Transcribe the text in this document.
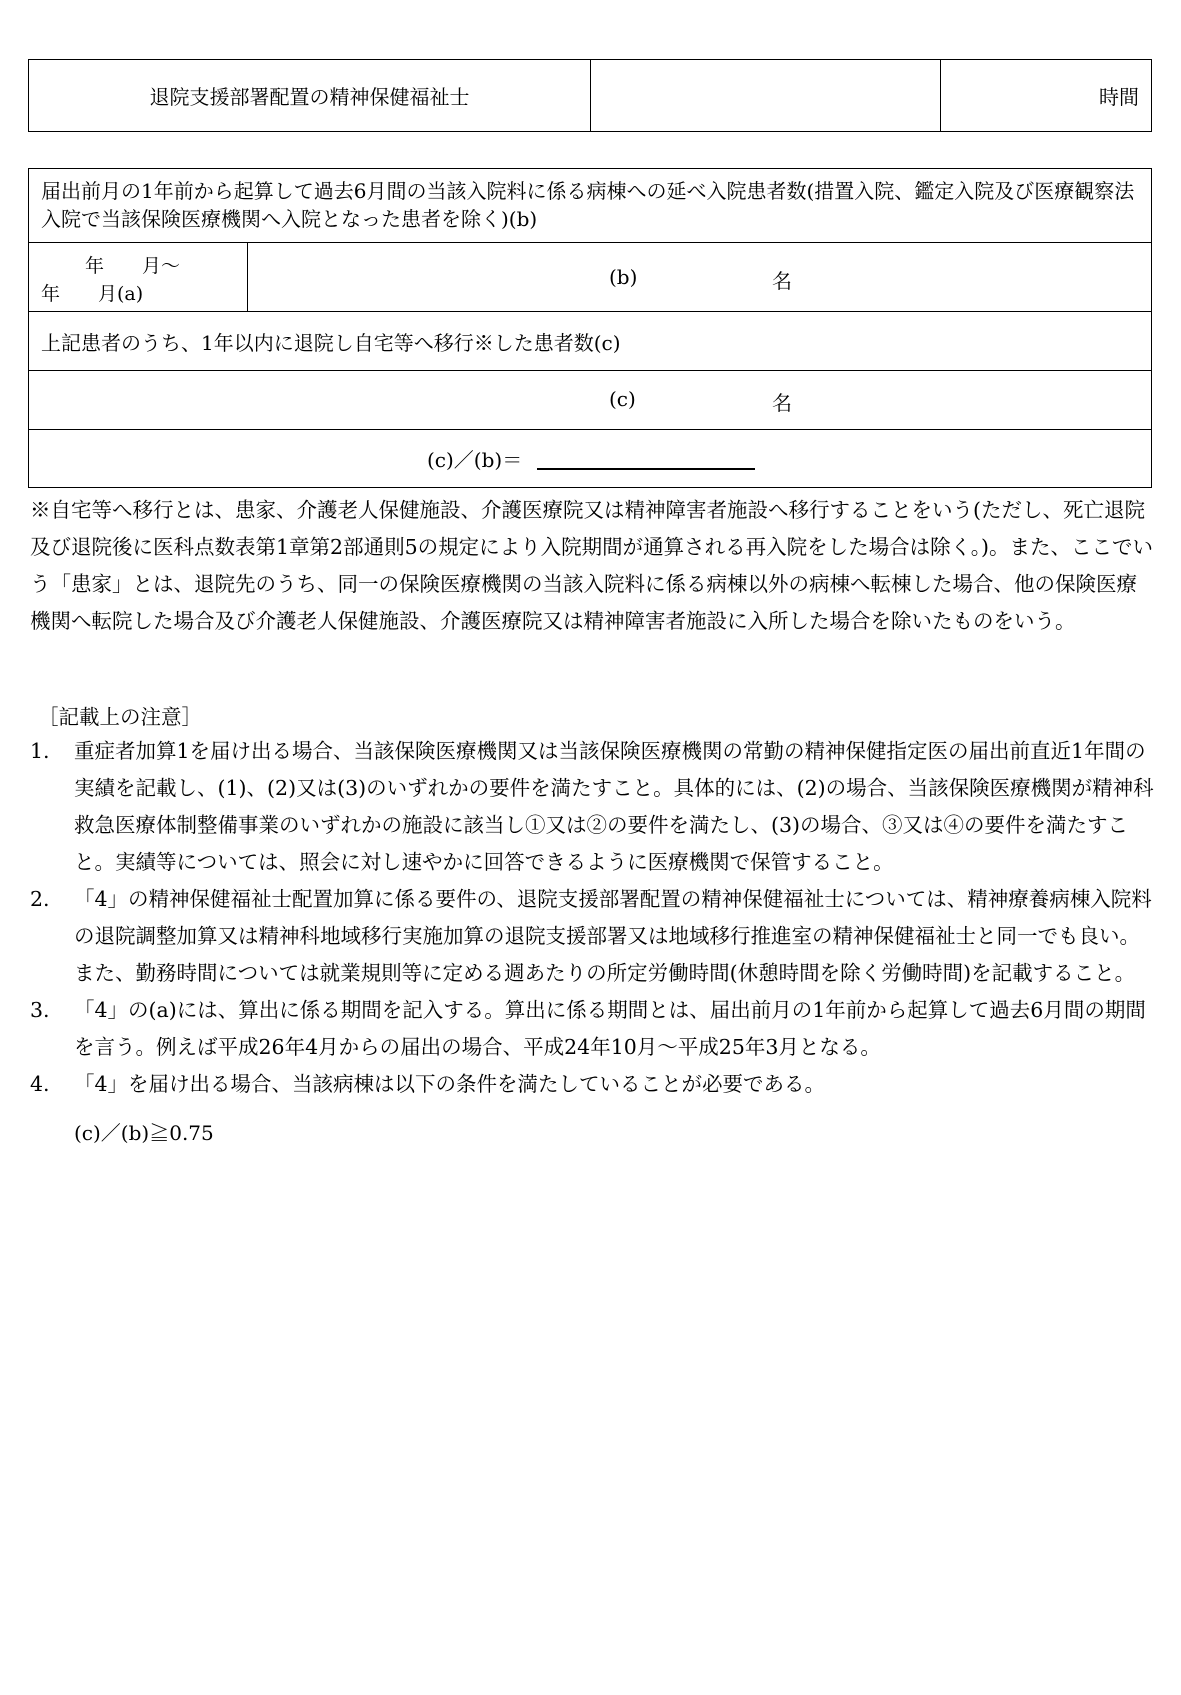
退院支援部署配置の精神保健福祉士	時間
届出前月の1年前から起算して過去6月間の当該入院料に係る病棟への延べ入院患者数(措置入院、鑑定入院及び医療観察法入院で当該保険医療機関へ入院となった患者を除く)(b)
年　　月～
年　　月(a)
(b)	名
上記患者のうち、1年以内に退院し自宅等へ移行※した患者数(c)
(c)	名
(c)／(b)＝

※自宅等へ移行とは、患家、介護老人保健施設、介護医療院又は精神障害者施設へ移行することをいう(ただし、死亡退院及び退院後に医科点数表第1章第2部通則5の規定により入院期間が通算される再入院をした場合は除く。)。また、ここでいう「患家」とは、退院先のうち、同一の保険医療機関の当該入院料に係る病棟以外の病棟へ転棟した場合、他の保険医療機関へ転院した場合及び介護老人保健施設、介護医療院又は精神障害者施設に入所した場合を除いたものをいう。

［記載上の注意］
1.	重症者加算1を届け出る場合、当該保険医療機関又は当該保険医療機関の常勤の精神保健指定医の届出前直近1年間の実績を記載し、(1)、(2)又は(3)のいずれかの要件を満たすこと。具体的には、(2)の場合、当該保険医療機関が精神科救急医療体制整備事業のいずれかの施設に該当し①又は②の要件を満たし、(3)の場合、③又は④の要件を満たすこと。実績等については、照会に対し速やかに回答できるように医療機関で保管すること。
2.	「4」の精神保健福祉士配置加算に係る要件の、退院支援部署配置の精神保健福祉士については、精神療養病棟入院料の退院調整加算又は精神科地域移行実施加算の退院支援部署又は地域移行推進室の精神保健福祉士と同一でも良い。また、勤務時間については就業規則等に定める週あたりの所定労働時間(休憩時間を除く労働時間)を記載すること。
3.	「4」の(a)には、算出に係る期間を記入する。算出に係る期間とは、届出前月の1年前から起算して過去6月間の期間を言う。例えば平成26年4月からの届出の場合、平成24年10月～平成25年3月となる。
4.	「4」を届け出る場合、当該病棟は以下の条件を満たしていることが必要である。
(c)／(b)≧0.75
